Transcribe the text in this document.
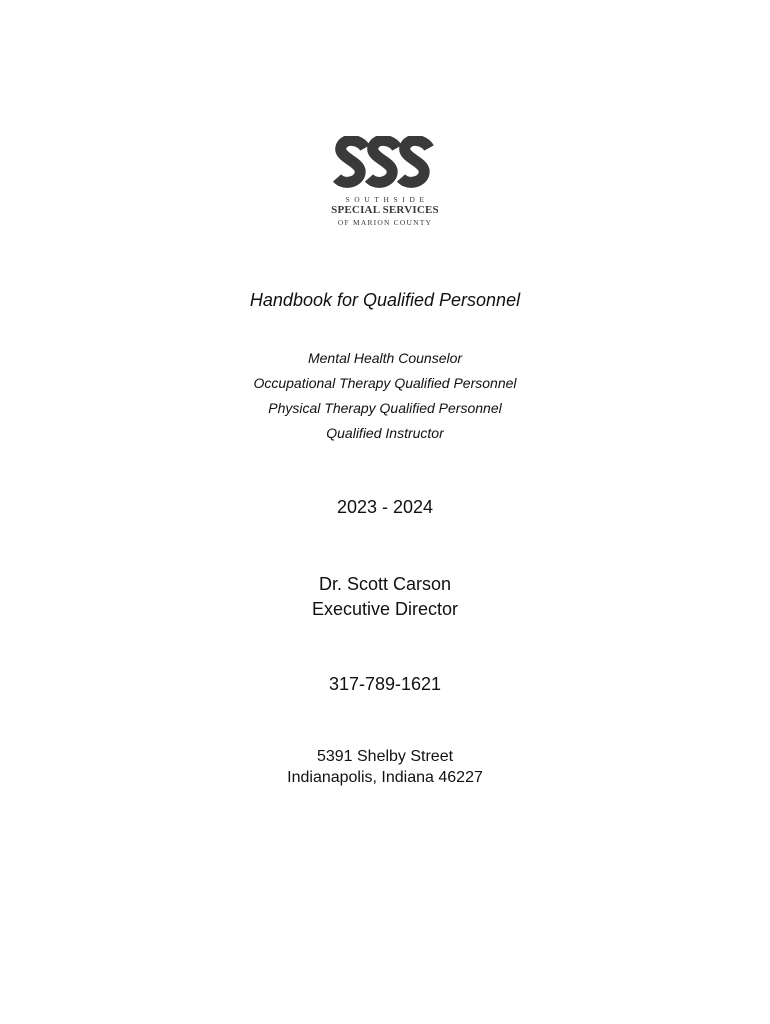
SOUTHSIDE
SPECIAL SERVICES
OF MARION COUNTY
Handbook for Qualified Personnel
Mental Health Counselor
Occupational Therapy Qualified Personnel
Physical Therapy Qualified Personnel
Qualified Instructor
2023 - 2024
Dr. Scott Carson
Executive Director
317-789-1621
5391 Shelby Street
Indianapolis, Indiana 46227
